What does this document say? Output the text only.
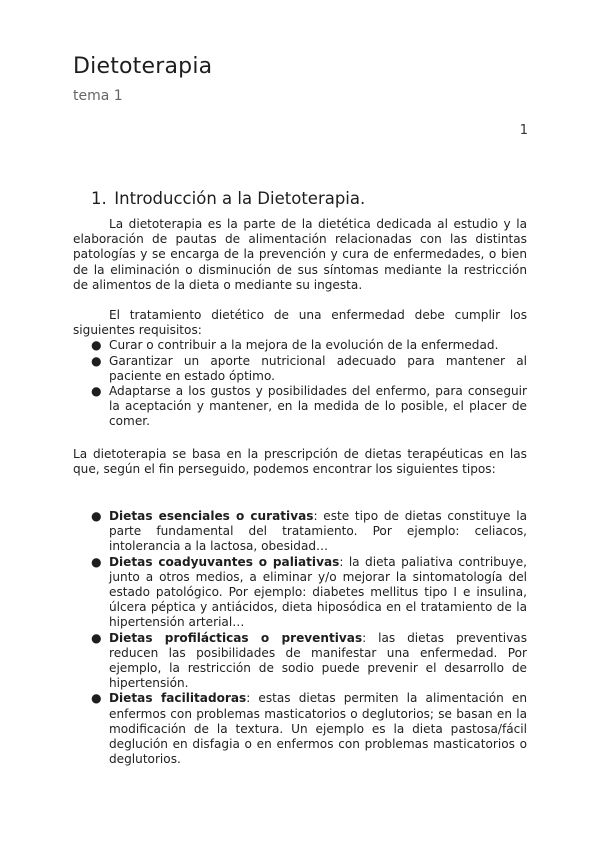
Dietoterapia
tema 1
1
1. Introducción a la Dietoterapia.

La dietoterapia es la parte de la dietética dedicada al estudio y la elaboración de pautas de alimentación relacionadas con las distintas patologías y se encarga de la prevención y cura de enfermedades, o bien de la eliminación o disminución de sus síntomas mediante la restricción de alimentos de la dieta o mediante su ingesta.

El tratamiento dietético de una enfermedad debe cumplir los siguientes requisitos:

● Curar o contribuir a la mejora de la evolución de la enfermedad.
● Garantizar un aporte nutricional adecuado para mantener al paciente en estado óptimo.
● Adaptarse a los gustos y posibilidades del enfermo, para conseguir la aceptación y mantener, en la medida de lo posible, el placer de comer.

La dietoterapia se basa en la prescripción de dietas terapéuticas en las que, según el fin perseguido, podemos encontrar los siguientes tipos:

● Dietas esenciales o curativas: este tipo de dietas constituye la parte fundamental del tratamiento. Por ejemplo: celiacos, intolerancia a la lactosa, obesidad…
● Dietas coadyuvantes o paliativas: la dieta paliativa contribuye, junto a otros medios, a eliminar y/o mejorar la sintomatología del estado patológico. Por ejemplo: diabetes mellitus tipo I e insulina, úlcera péptica y antiácidos, dieta hiposódica en el tratamiento de la hipertensión arterial…
● Dietas profilácticas o preventivas: las dietas preventivas reducen las posibilidades de manifestar una enfermedad. Por ejemplo, la restricción de sodio puede prevenir el desarrollo de hipertensión.
● Dietas facilitadoras: estas dietas permiten la alimentación en enfermos con problemas masticatorios o deglutorios; se basan en la modificación de la textura. Un ejemplo es la dieta pastosa/fácil deglución en disfagia o en enfermos con problemas masticatorios o deglutorios.
